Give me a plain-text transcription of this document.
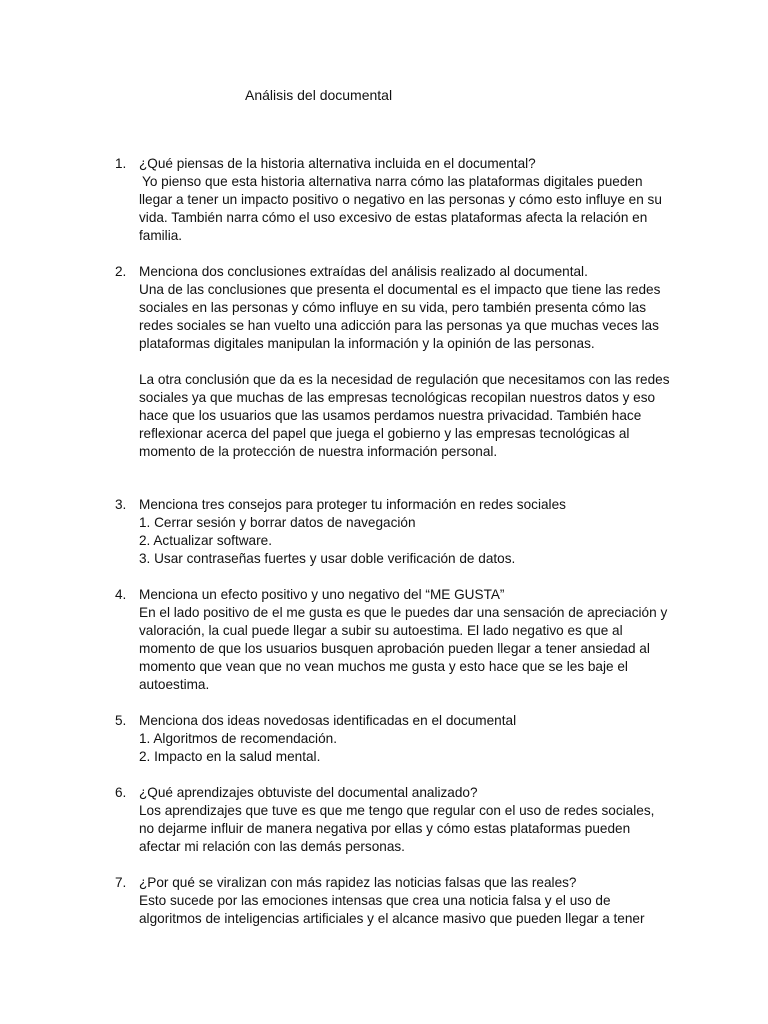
Análisis del documental
1. ¿Qué piensas de la historia alternativa incluida en el documental?
Yo pienso que esta historia alternativa narra cómo las plataformas digitales pueden llegar a tener un impacto positivo o negativo en las personas y cómo esto influye en su vida. También narra cómo el uso excesivo de estas plataformas afecta la relación en familia.
2. Menciona dos conclusiones extraídas del análisis realizado al documental.
Una de las conclusiones que presenta el documental es el impacto que tiene las redes sociales en las personas y cómo influye en su vida, pero también presenta cómo las redes sociales se han vuelto una adicción para las personas ya que muchas veces las plataformas digitales manipulan la información y la opinión de las personas.
La otra conclusión que da es la necesidad de regulación que necesitamos con las redes sociales ya que muchas de las empresas tecnológicas recopilan nuestros datos y eso hace que los usuarios que las usamos perdamos nuestra privacidad. También hace reflexionar acerca del papel que juega el gobierno y las empresas tecnológicas al momento de la protección de nuestra información personal.
3. Menciona tres consejos para proteger tu información en redes sociales
1. Cerrar sesión y borrar datos de navegación
2. Actualizar software.
3. Usar contraseñas fuertes y usar doble verificación de datos.
4. Menciona un efecto positivo y uno negativo del “ME GUSTA”
En el lado positivo de el me gusta es que le puedes dar una sensación de apreciación y valoración, la cual puede llegar a subir su autoestima. El lado negativo es que al momento de que los usuarios busquen aprobación pueden llegar a tener ansiedad al momento que vean que no vean muchos me gusta y esto hace que se les baje el autoestima.
5. Menciona dos ideas novedosas identificadas en el documental
1. Algoritmos de recomendación.
2. Impacto en la salud mental.
6. ¿Qué aprendizajes obtuviste del documental analizado?
Los aprendizajes que tuve es que me tengo que regular con el uso de redes sociales, no dejarme influir de manera negativa por ellas y cómo estas plataformas pueden afectar mi relación con las demás personas.
7. ¿Por qué se viralizan con más rapidez las noticias falsas que las reales?
Esto sucede por las emociones intensas que crea una noticia falsa y el uso de algoritmos de inteligencias artificiales y el alcance masivo que pueden llegar a tener
